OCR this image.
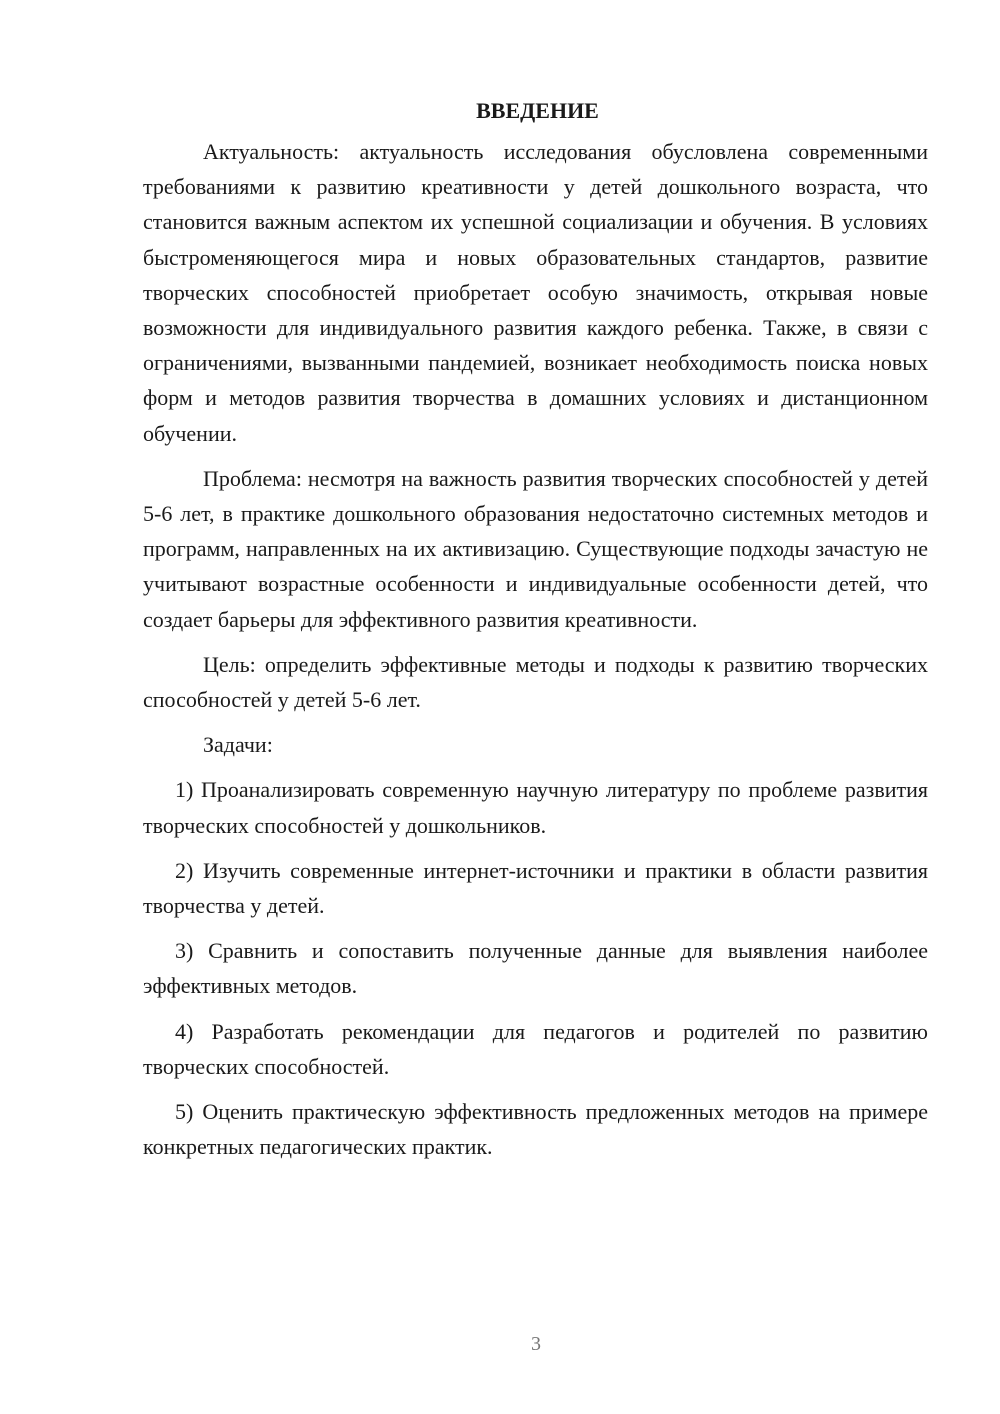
ВВЕДЕНИЕ

Актуальность: актуальность исследования обусловлена современными требованиями к развитию креативности у детей дошкольного возраста, что становится важным аспектом их успешной социализации и обучения. В условиях быстроменяющегося мира и новых образовательных стандартов, развитие творческих способностей приобретает особую значимость, открывая новые возможности для индивидуального развития каждого ребенка. Также, в связи с ограничениями, вызванными пандемией, возникает необходимость поиска новых форм и методов развития творчества в домашних условиях и дистанционном обучении.

Проблема: несмотря на важность развития творческих способностей у детей 5-6 лет, в практике дошкольного образования недостаточно системных методов и программ, направленных на их активизацию. Существующие подходы зачастую не учитывают возрастные особенности и индивидуальные особенности детей, что создает барьеры для эффективного развития креативности.

Цель: определить эффективные методы и подходы к развитию творческих способностей у детей 5-6 лет.

Задачи:

1) Проанализировать современную научную литературу по проблеме развития творческих способностей у дошкольников.

2) Изучить современные интернет-источники и практики в области развития творчества у детей.

3) Сравнить и сопоставить полученные данные для выявления наиболее эффективных методов.

4) Разработать рекомендации для педагогов и родителей по развитию творческих способностей.

5) Оценить практическую эффективность предложенных методов на примере конкретных педагогических практик.

3
